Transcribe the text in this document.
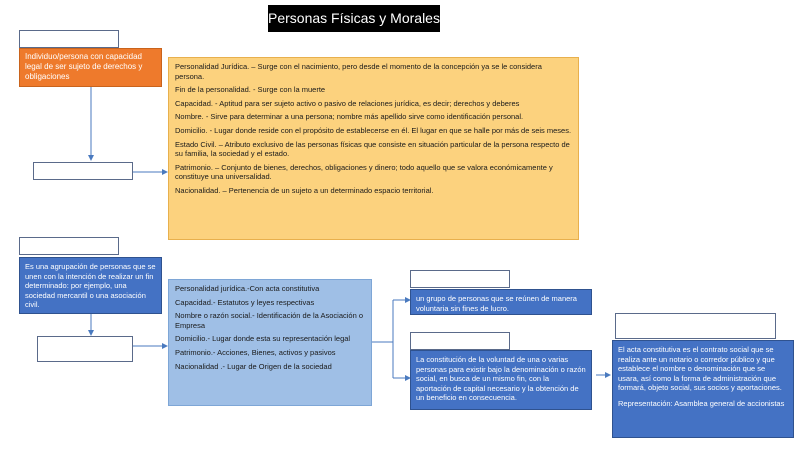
Personas Físicas y Morales
Individuo/persona con capacidad legal de ser sujeto de derechos y obligaciones

Personalidad Jurídica. – Surge con el nacimiento, pero desde el momento de la concepción ya se le considera persona.

Fin de la personalidad. - Surge con la muerte

Capacidad. - Aptitud para ser sujeto activo o pasivo de relaciones jurídica, es decir; derechos y deberes

Nombre. - Sirve para determinar a una persona; nombre más apellido sirve como identificación personal.

Domicilio. - Lugar donde reside con el propósito de establecerse en él. El lugar en que se halle por más de seis meses.

Estado Civil. – Atributo exclusivo de las personas físicas que consiste en situación particular de la persona respecto de su familia, la sociedad y el estado.

Patrimonio. – Conjunto de bienes, derechos, obligaciones y dinero; todo aquello que se valora económicamente y constituye una universalidad.

Nacionalidad. – Pertenencia de un sujeto a un determinado espacio territorial.

Es una agrupación de personas que se unen con la intención de realizar un fin determinado: por ejemplo, una sociedad mercantil o una asociación civil.

Personalidad jurídica.-Con acta constitutiva

Capacidad.- Estatutos y leyes respectivas

Nombre o razón social.- Identificación de la Asociación o Empresa

Domicilio.- Lugar donde esta su representación legal

Patrimonio.- Acciones, Bienes, activos y pasivos

Nacionalidad .- Lugar de Origen de la sociedad

un grupo de personas que se reúnen de manera voluntaria sin fines de lucro.
La constitución de la voluntad de una o varias personas para existir bajo la denominación o razón social, en busca de un mismo fin, con la aportación de capital necesario y la obtención de un beneficio en consecuencia.
El acta constitutiva es el contrato social que se realiza ante un notario o corredor público y que establece el nombre o denominación que se usara, así como la forma de administración que formará, objeto social, sus socios y aportaciones.
Representación: Asamblea general de accionistas
